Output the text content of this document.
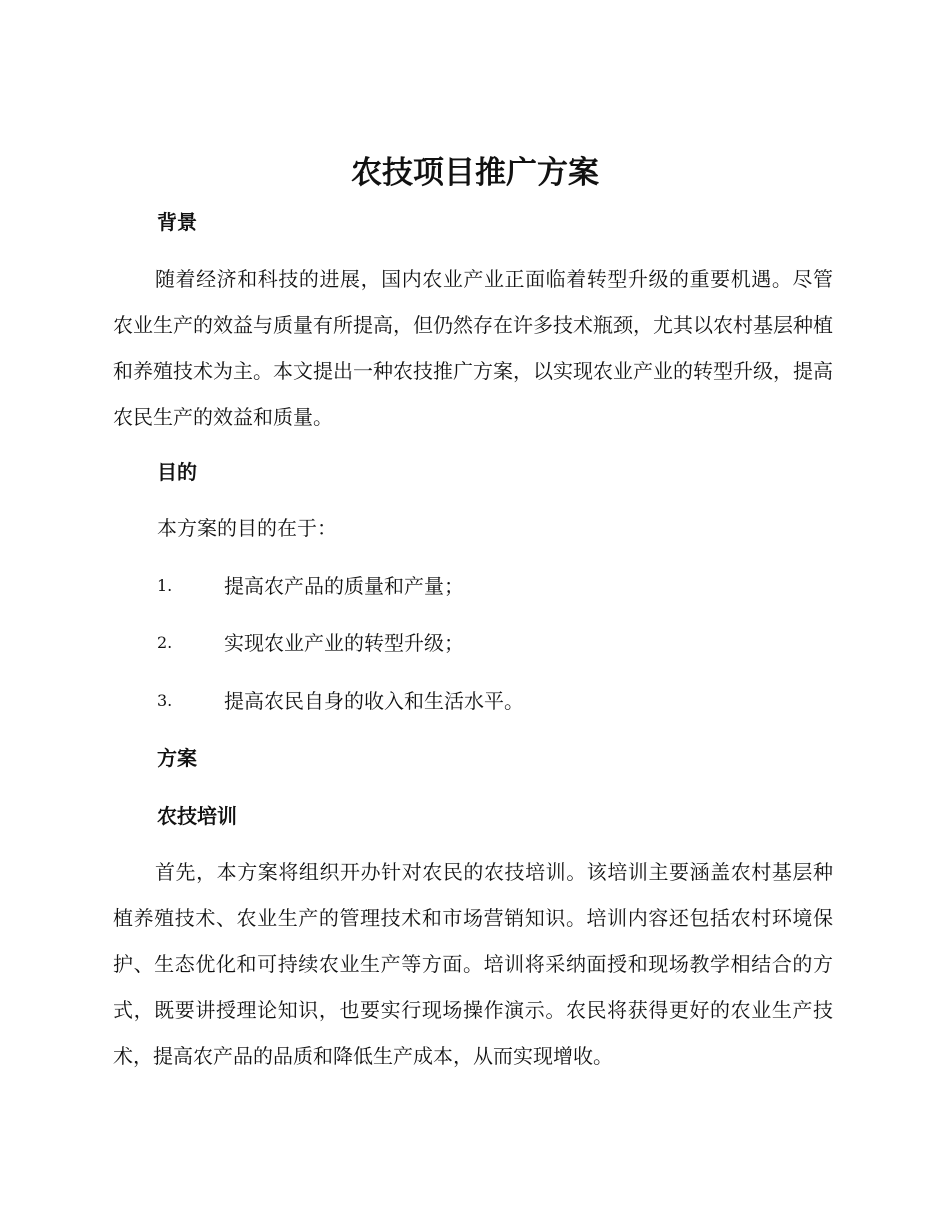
农技项目推广方案
背景
随着经济和科技的进展，国内农业产业正面临着转型升级的重要机遇。尽管农业生产的效益与质量有所提高，但仍然存在许多技术瓶颈，尤其以农村基层种植和养殖技术为主。本文提出一种农技推广方案，以实现农业产业的转型升级，提高农民生产的效益和质量。
目的
本方案的目的在于：
1.	提高农产品的质量和产量；
2.	实现农业产业的转型升级；
3.	提高农民自身的收入和生活水平。
方案
农技培训
首先，本方案将组织开办针对农民的农技培训。该培训主要涵盖农村基层种植养殖技术、农业生产的管理技术和市场营销知识。培训内容还包括农村环境保护、生态优化和可持续农业生产等方面。培训将采纳面授和现场教学相结合的方式，既要讲授理论知识，也要实行现场操作演示。农民将获得更好的农业生产技术，提高农产品的品质和降低生产成本，从而实现增收。
